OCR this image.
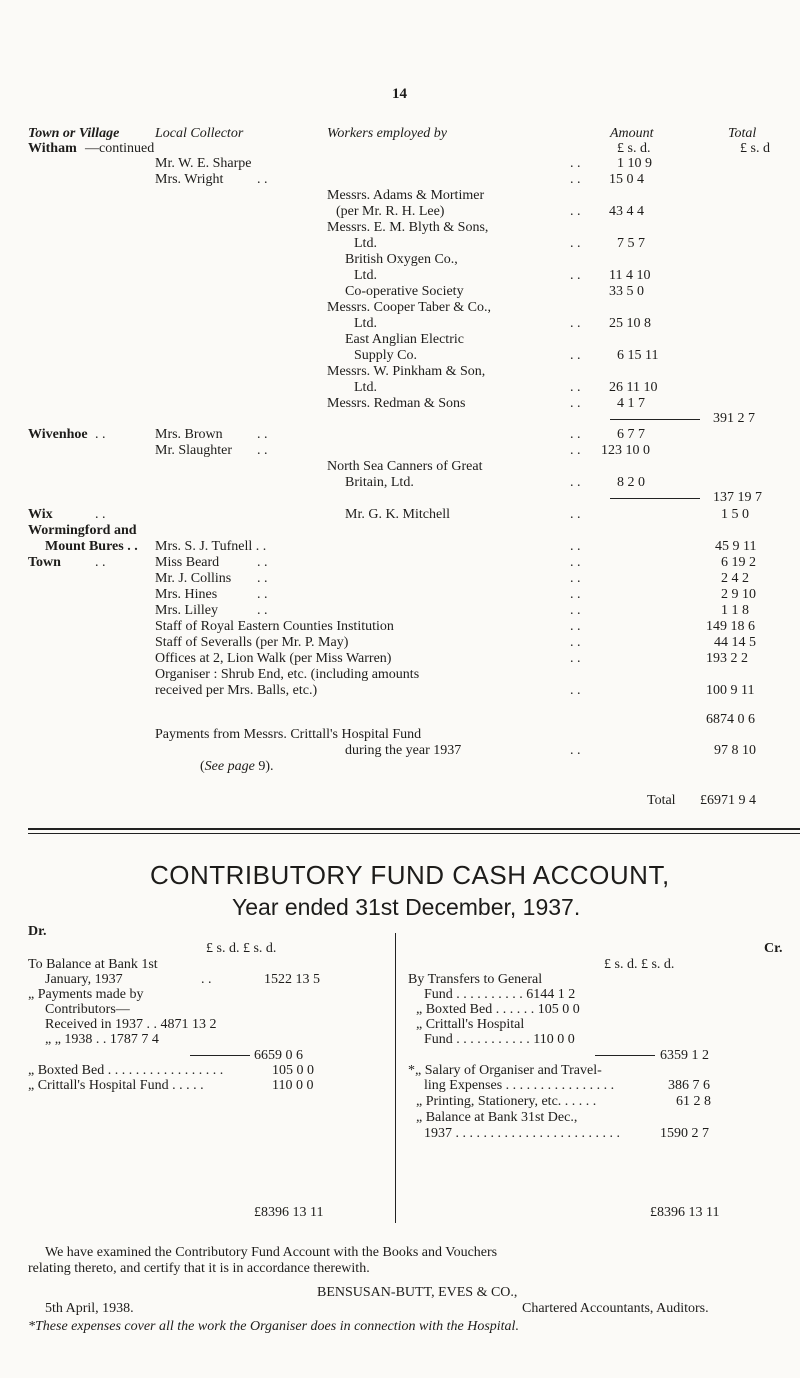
14
Town or Village	Local Collector	Workers employed by	Amount	Total
£ s. d.	£ s. d
Witham —continued
Mr. W. E. Sharpe	. .	1 10 9
Mrs. Wright . .	. . 15 0 4
Messrs. Adams & Mortimer
(per Mr. R. H. Lee)	. . 43 4 4
Messrs. E. M. Blyth & Sons,
Ltd.	. .	7 5 7
British Oxygen Co.,
Ltd.	. . 11 4 10
Co-operative Society	33 5 0
Messrs. Cooper Taber & Co.,
Ltd.	. . 25 10 8
East Anglian Electric
Supply Co.	. .	6 15 11
Messrs. W. Pinkham & Son,
Ltd.	. . 26 11 10
Messrs. Redman & Sons	. .	4 1 7
391 2 7
Wivenhoe . .	Mrs. Brown . .	. .	6 7 7
Mr. Slaughter . .	. . 123 10 0
North Sea Canners of Great
Britain, Ltd.	. .	8 2 0
137 19 7
Wix	. .	Mr. G. K. Mitchell	. .	1 5 0
Wormingford and
Mount Bures . .
Town . .
Mrs. S. J. Tufnell . .	. .	45 9 11
Miss Beard	. .	. .	6 19 2
Mr. J. Collins . .	. .	2 4 2
Mrs. Hines	. .	. .	2 9 10
Mrs. Lilley	. .	. .	1 1 8
Staff of Royal Eastern Counties Institution	. .	149 18 6
Staff of Severalls (per Mr. P. May)	. .	44 14 5
Offices at 2, Lion Walk (per Miss Warren)	. .	193 2 2
Organiser : Shrub End, etc. (including amounts
received per Mrs. Balls, etc.)	. .	100 9 11
6874 0 6
Payments from Messrs. Crittall's Hospital Fund
during the year 1937	. .	97 8 10
(See page 9).
Total £6971 9 4
CONTRIBUTORY FUND CASH ACCOUNT,
Year ended 31st December, 1937.
Dr.
Cr.
£ s. d. £ s. d.
To Balance at Bank 1st
January, 1937	. .	1522 13 5
„ Payments made by
Contributors—
Received in 1937 . . 4871 13 2
„ „ 1938 . . 1787 7 4
6659 0 6
„ Boxted Bed . . . . . . . . . . . . . . . . .	105 0 0
„ Crittall's Hospital Fund . . . . .	110 0 0
£8396 13 11
£ s. d. £ s. d.
By Transfers to General
Fund . . . . . . . . . . 6144 1 2
„ Boxted Bed . . . . . . 105 0 0
„ Crittall's Hospital
Fund . . . . . . . . . . . 110 0 0
6359 1 2
*„ Salary of Organiser and Travel-
ling Expenses . . . . . . . . . . . . . . . .	386 7 6
„ Printing, Stationery, etc. . . . . .	61 2 8
„ Balance at Bank 31st Dec.,
1937 . . . . . . . . . . . . . . . . . . . . . . . .	1590 2 7
£8396 13 11
We have examined the Contributory Fund Account with the Books and Vouchers
relating thereto, and certify that it is in accordance therewith.
BENSUSAN-BUTT, EVES & CO.,
5th April, 1938.	Chartered Accountants, Auditors.
*These expenses cover all the work the Organiser does in connection with the Hospital.
